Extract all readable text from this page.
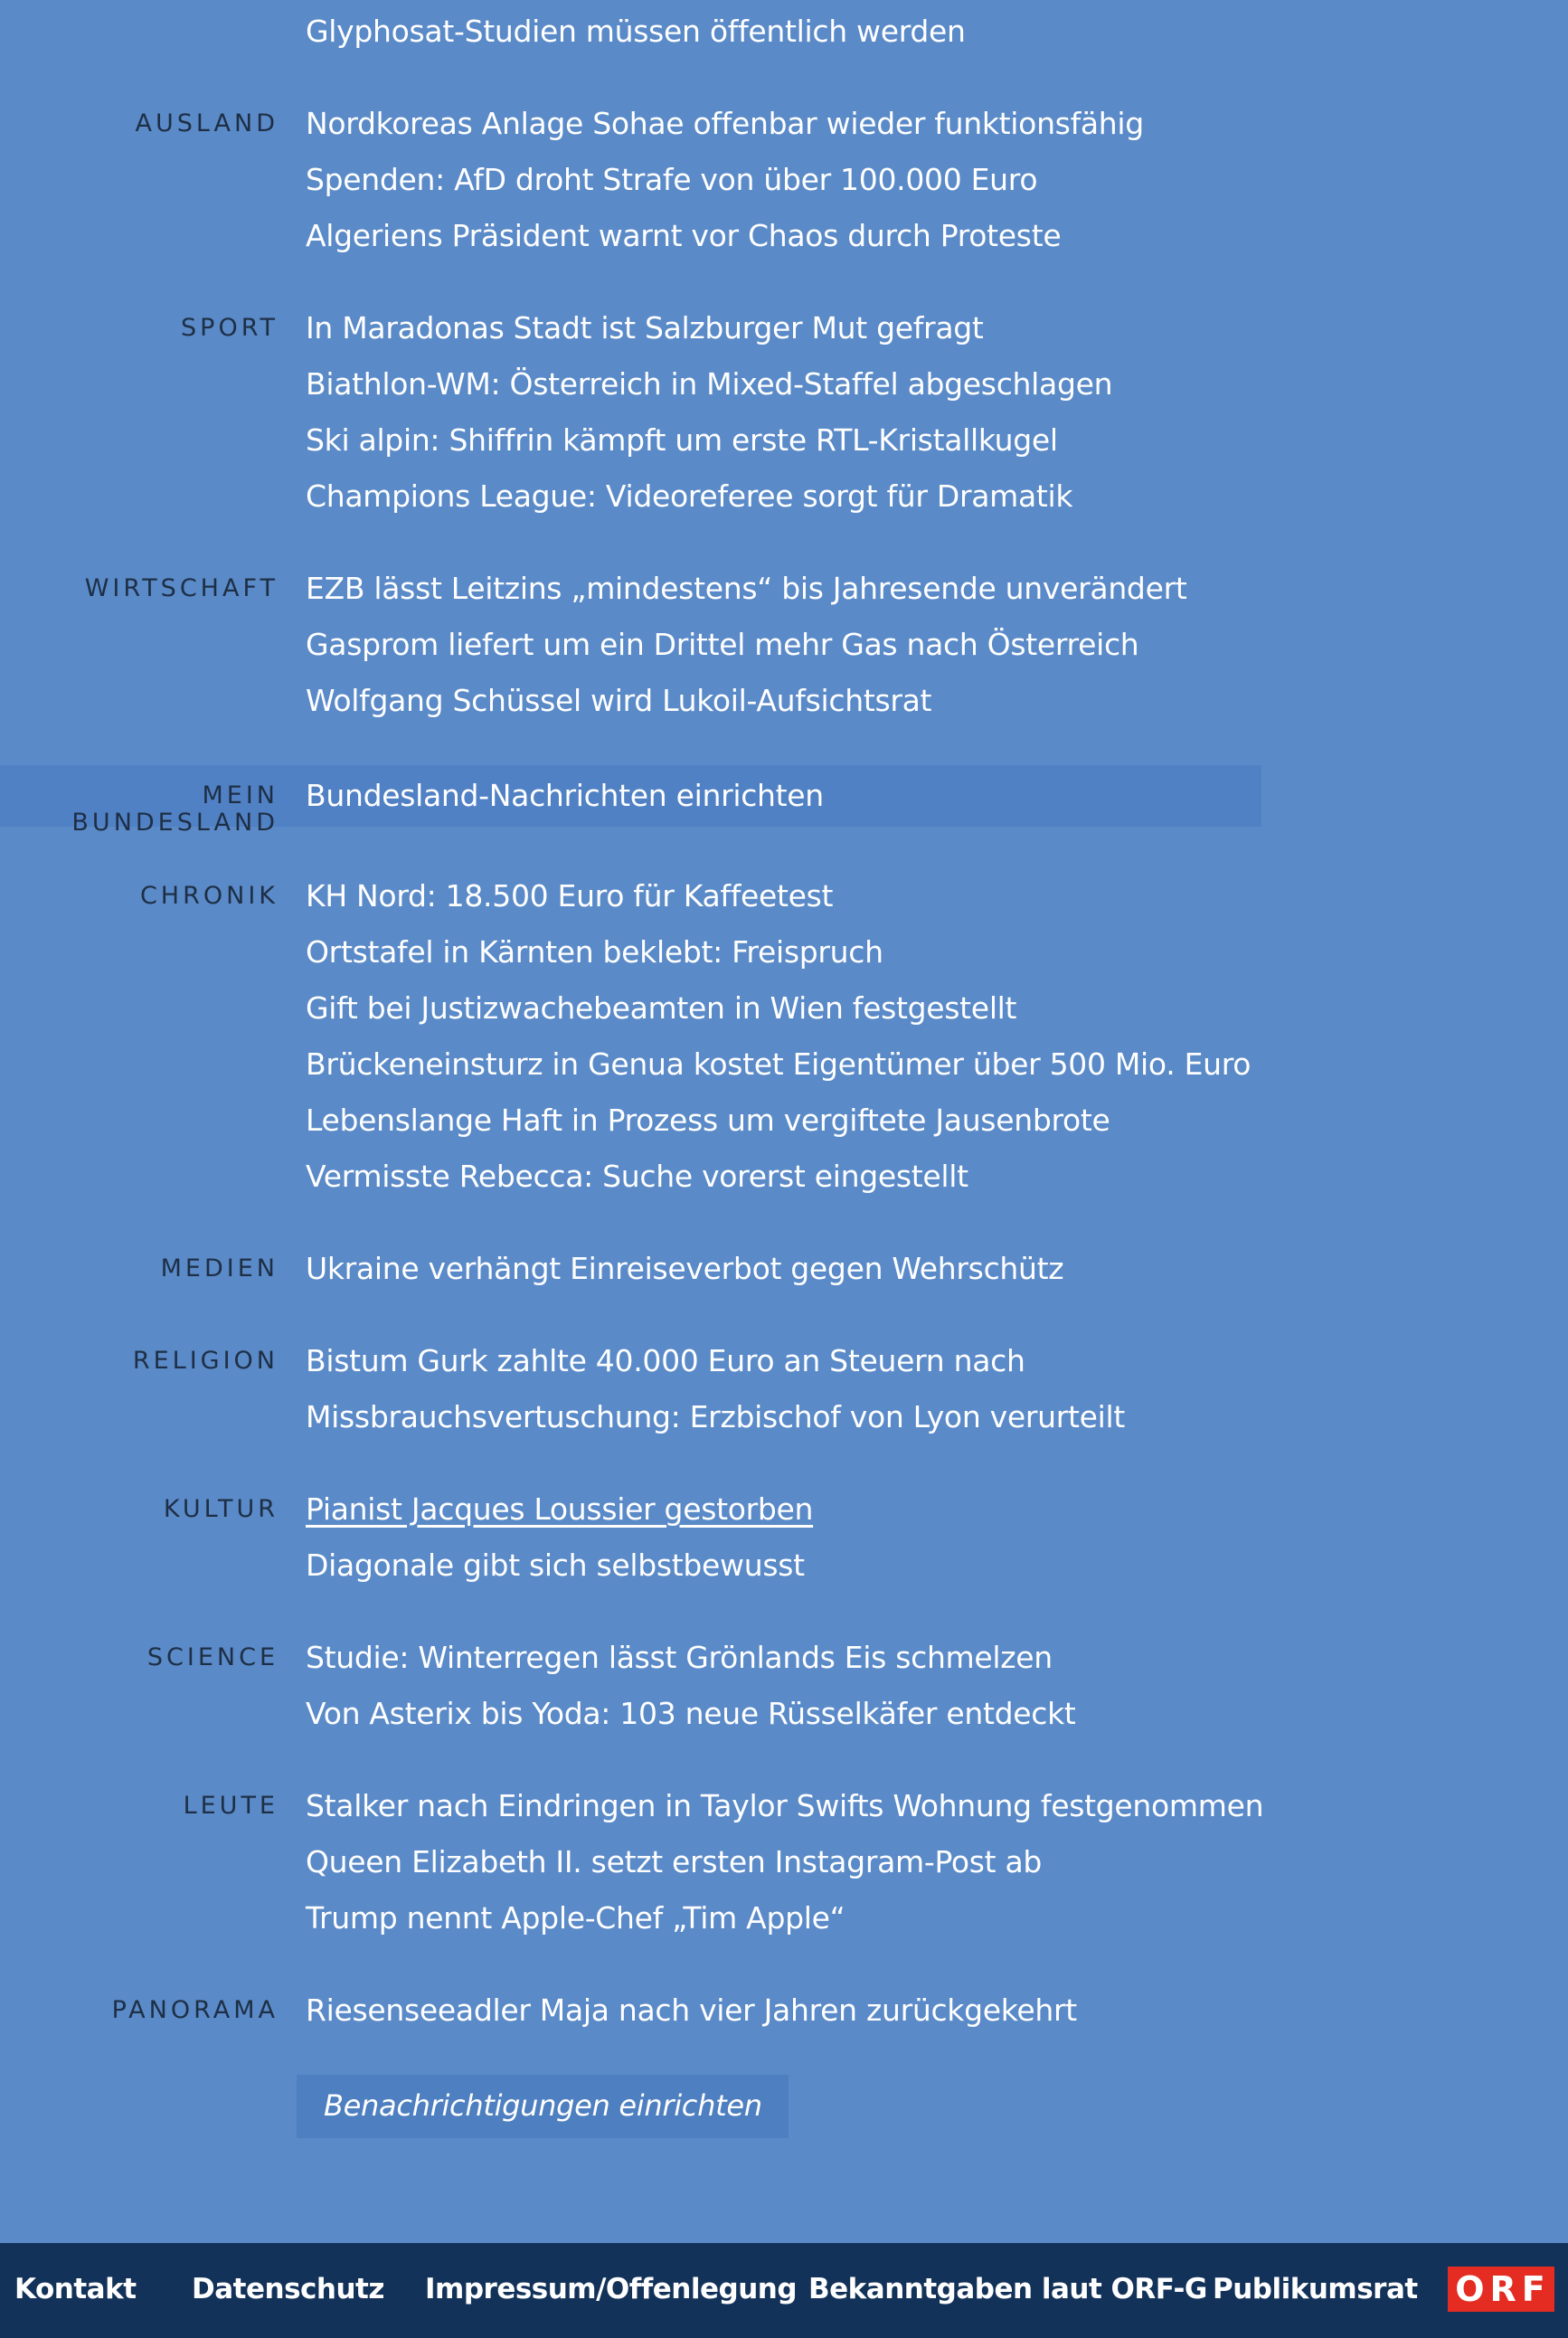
Glyphosat-Studien müssen öffentlich werden
AUSLAND Nordkoreas Anlage Sohae offenbar wieder funktionsfähig
Spenden: AfD droht Strafe von über 100.000 Euro
Algeriens Präsident warnt vor Chaos durch Proteste
SPORT In Maradonas Stadt ist Salzburger Mut gefragt
Biathlon-WM: Österreich in Mixed-Staffel abgeschlagen
Ski alpin: Shiffrin kämpft um erste RTL-Kristallkugel
Champions League: Videoreferee sorgt für Dramatik
WIRTSCHAFT EZB lässt Leitzins „mindestens“ bis Jahresende unverändert
Gasprom liefert um ein Drittel mehr Gas nach Österreich
Wolfgang Schüssel wird Lukoil-Aufsichtsrat
MEIN BUNDESLAND
Bundesland-Nachrichten einrichten
CHRONIK KH Nord: 18.500 Euro für Kaffeetest
Ortstafel in Kärnten beklebt: Freispruch
Gift bei Justizwachebeamten in Wien festgestellt
Brückeneinsturz in Genua kostet Eigentümer über 500 Mio. Euro
Lebenslange Haft in Prozess um vergiftete Jausenbrote
Vermisste Rebecca: Suche vorerst eingestellt
MEDIEN Ukraine verhängt Einreiseverbot gegen Wehrschütz
RELIGION Bistum Gurk zahlte 40.000 Euro an Steuern nach
Missbrauchsvertuschung: Erzbischof von Lyon verurteilt
KULTUR Pianist Jacques Loussier gestorben
Diagonale gibt sich selbstbewusst
SCIENCE Studie: Winterregen lässt Grönlands Eis schmelzen
Von Asterix bis Yoda: 103 neue Rüsselkäfer entdeckt
LEUTE Stalker nach Eindringen in Taylor Swifts Wohnung festgenommen
Queen Elizabeth II. setzt ersten Instagram-Post ab
Trump nennt Apple-Chef „Tim Apple“
PANORAMA Riesenseeadler Maja nach vier Jahren zurückgekehrt
Benachrichtigungen einrichten
Kontakt Datenschutz Impressum/Offenlegung Bekanntgaben laut ORF-G Publikumsrat ORF
